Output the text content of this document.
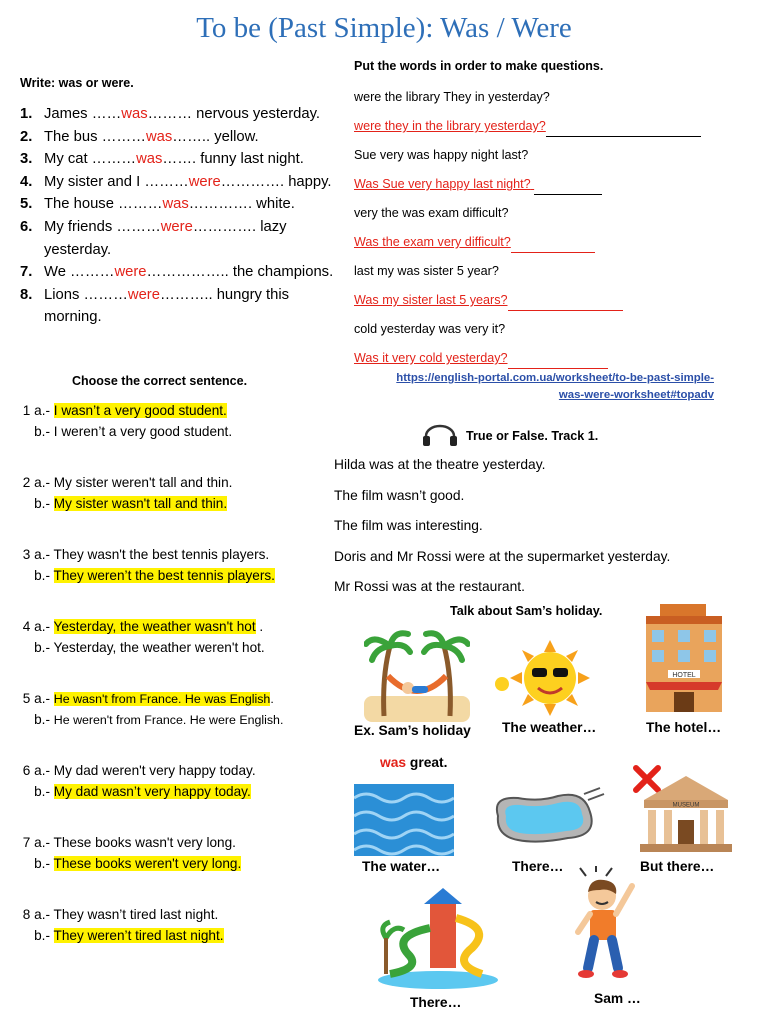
To be (Past Simple): Was / Were
Write: was or were.
1. James ……was……… nervous yesterday.
2. The bus ………was…….. yellow.
3. My cat ………was……. funny last night.
4. My sister and I ………were…………. happy.
5. The house ………was…………. white.
6. My friends ………were…………. lazy yesterday.
7. We ………were…………….. the champions.
8. Lions ………were……….. hungry this morning.
Put the words in order to make questions.
were the library They in yesterday?
were they in the library yesterday?
Sue very was happy night last?
Was Sue very happy last night?
very the was exam difficult?
Was the exam very difficult?
last my was sister 5 year?
Was my sister last 5 years?
cold yesterday was very it?
Was it very cold yesterday?
https://english-portal.com.ua/worksheet/to-be-past-simple-
was-were-worksheet#topadv
Choose the correct sentence.
1 a.- I wasn’t a very good student.
b.- I weren’t a very good student.
2 a.- My sister weren't tall and thin.
b.- My sister wasn't tall and thin.
3 a.- They wasn't the best tennis players.
b.- They weren’t the best tennis players.
4 a.- Yesterday, the weather wasn't hot .
b.- Yesterday, the weather weren't hot.
5 a.- He wasn't from France. He was English.
b.- He weren't from France. He were English.
6 a.- My dad weren't very happy today.
b.- My dad wasn’t very happy today.
7 a.- These books wasn't very long.
b.- These books weren't very long.
8 a.- They wasn’t tired last night.
b.- They weren’t tired last night.
True or False. Track 1.
Hilda was at the theatre yesterday.
The film wasn’t good.
The film was interesting.
Doris and Mr Rossi were at the supermarket yesterday.
Mr Rossi was at the restaurant.
Talk about Sam’s holiday.
Ex. Sam’s holiday
was great.
The weather…
HOTEL
The hotel…
The water…	There…
MUSEUM
But there…
There…	Sam …
